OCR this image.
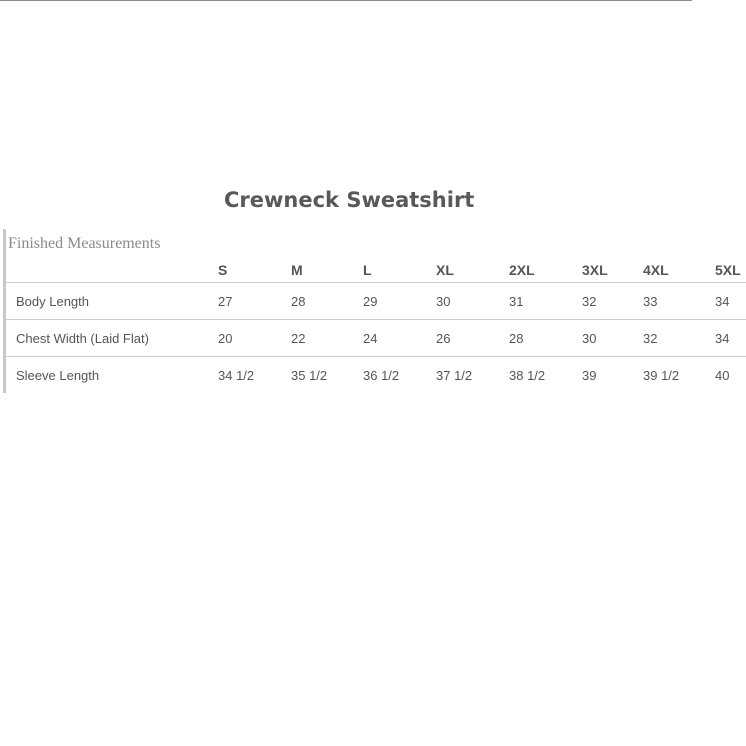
Crewneck Sweatshirt
Finished Measurements
S	M	L	XL	2XL	3XL	4XL	5XL
Body Length	27	28	29	30	31	32	33	34
Chest Width (Laid Flat)	20	22	24	26	28	30	32	34
Sleeve Length	34 1/2	35 1/2	36 1/2	37 1/2	38 1/2	39	39 1/2	40
